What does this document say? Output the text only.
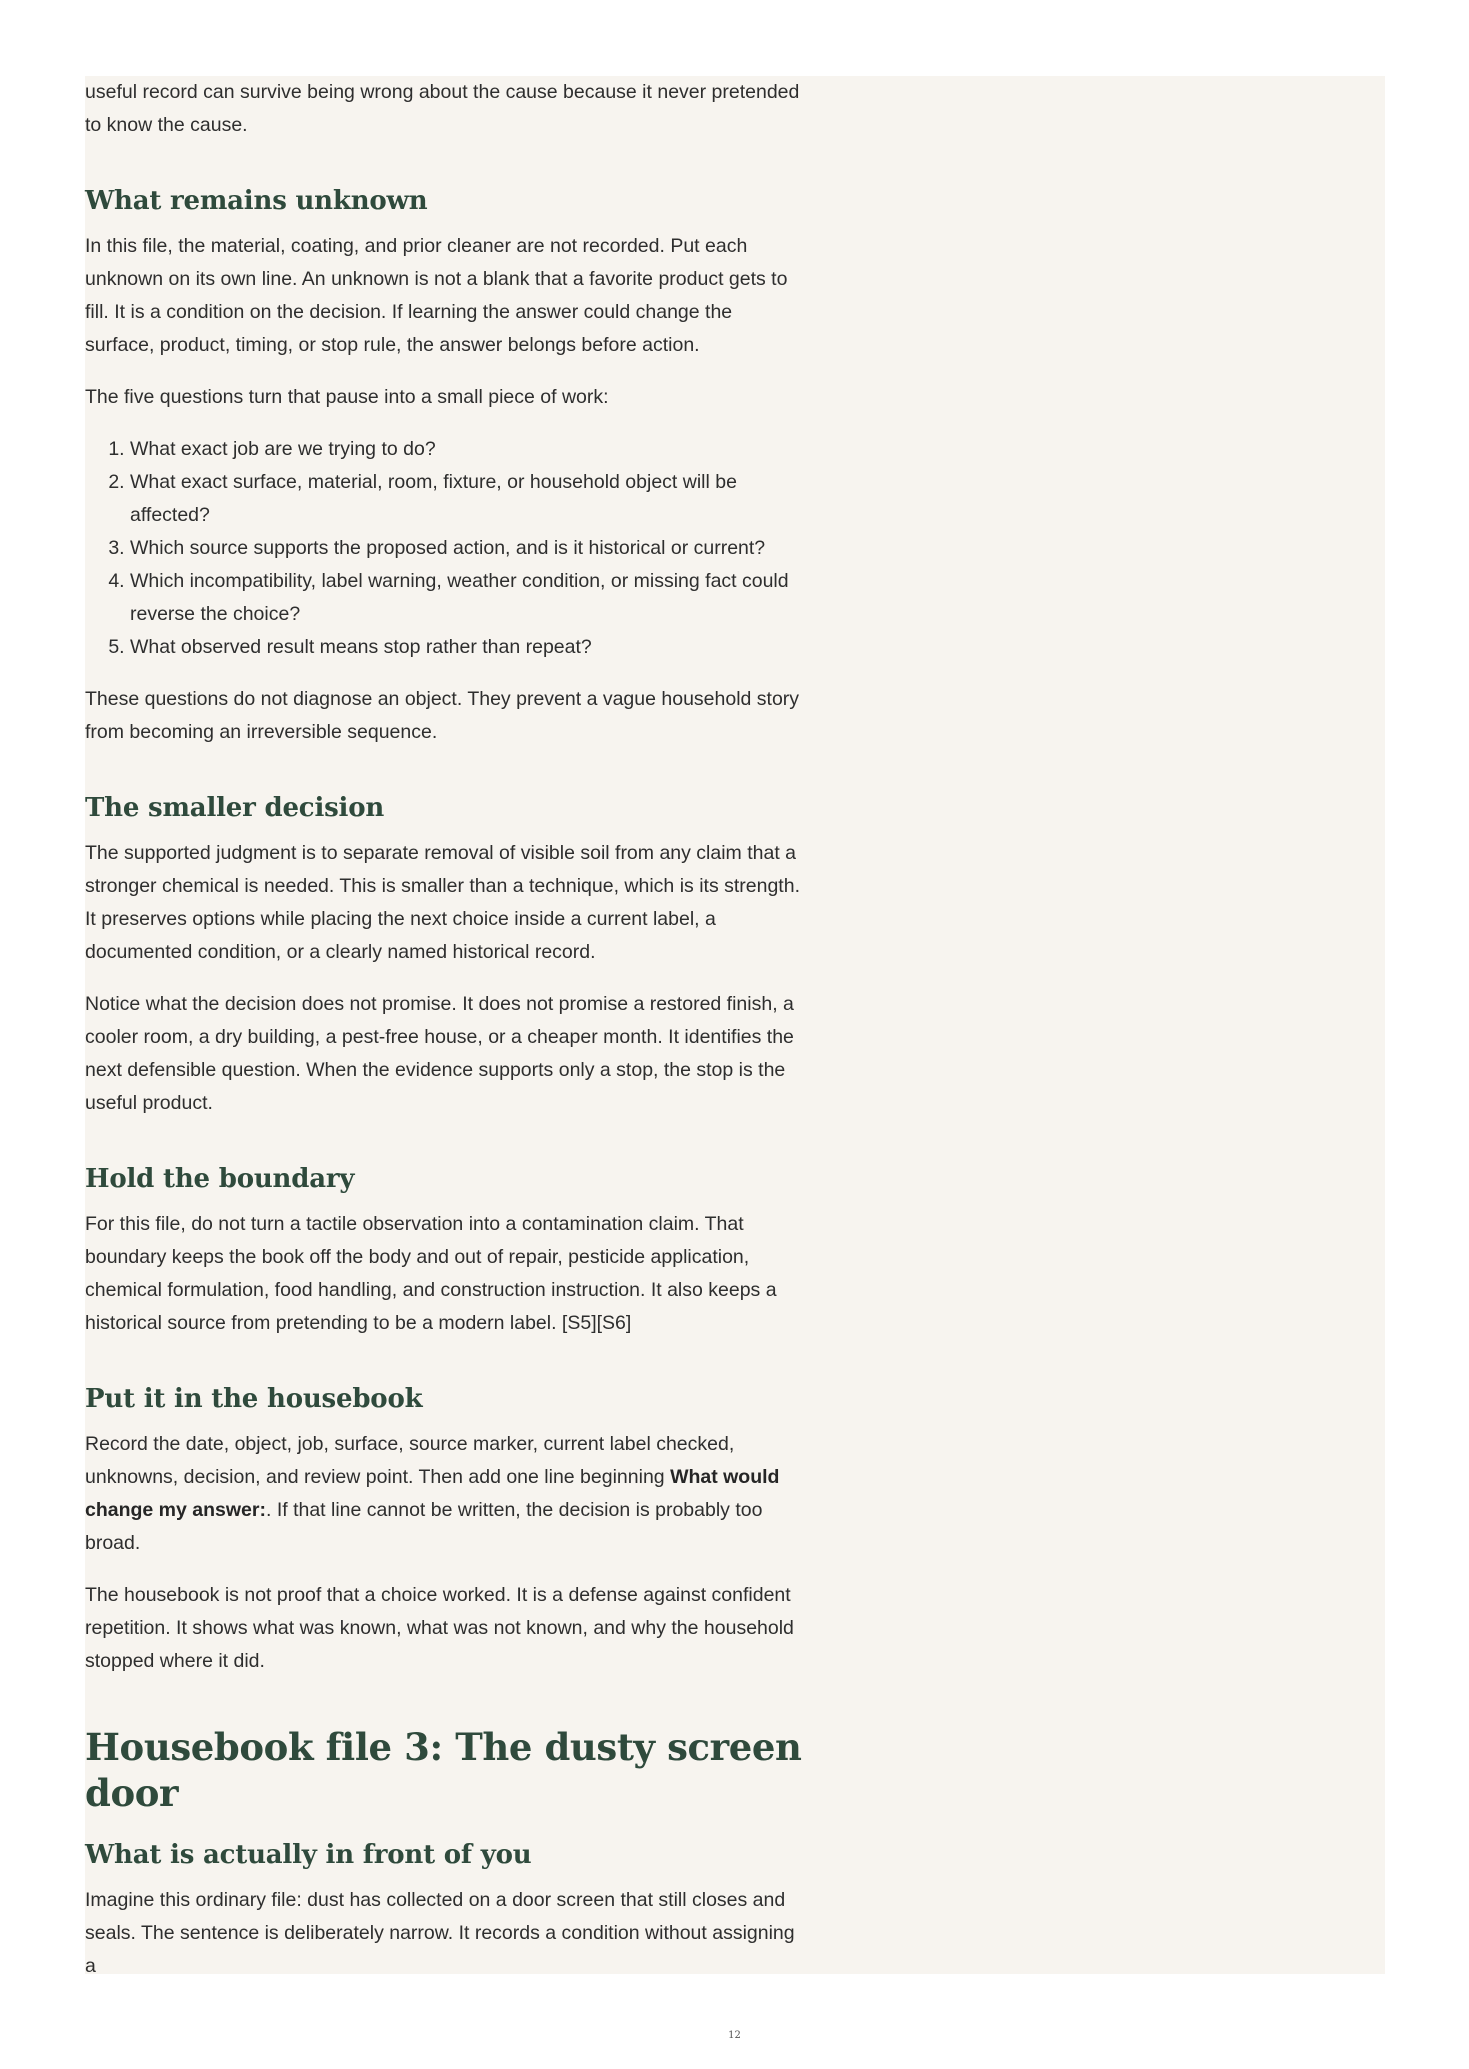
useful record can survive being wrong about the cause because it never pretended to know the cause.

What remains unknown

In this file, the material, coating, and prior cleaner are not recorded. Put each unknown on its own line. An unknown is not a blank that a favorite product gets to fill. It is a condition on the decision. If learning the answer could change the surface, product, timing, or stop rule, the answer belongs before action.

The five questions turn that pause into a small piece of work:

1. What exact job are we trying to do?
2. What exact surface, material, room, fixture, or household object will be affected?
3. Which source supports the proposed action, and is it historical or current?
4. Which incompatibility, label warning, weather condition, or missing fact could reverse the choice?
5. What observed result means stop rather than repeat?

These questions do not diagnose an object. They prevent a vague household story from becoming an irreversible sequence.

The smaller decision

The supported judgment is to separate removal of visible soil from any claim that a stronger chemical is needed. This is smaller than a technique, which is its strength. It preserves options while placing the next choice inside a current label, a documented condition, or a clearly named historical record.

Notice what the decision does not promise. It does not promise a restored finish, a cooler room, a dry building, a pest-free house, or a cheaper month. It identifies the next defensible question. When the evidence supports only a stop, the stop is the useful product.

Hold the boundary

For this file, do not turn a tactile observation into a contamination claim. That boundary keeps the book off the body and out of repair, pesticide application, chemical formulation, food handling, and construction instruction. It also keeps a historical source from pretending to be a modern label. [S5][S6]

Put it in the housebook

Record the date, object, job, surface, source marker, current label checked, unknowns, decision, and review point. Then add one line beginning What would change my answer:. If that line cannot be written, the decision is probably too broad.

The housebook is not proof that a choice worked. It is a defense against confident repetition. It shows what was known, what was not known, and why the household stopped where it did.

Housebook file 3: The dusty screen door
What is actually in front of you

Imagine this ordinary file: dust has collected on a door screen that still closes and seals. The sentence is deliberately narrow. It records a condition without assigning a

12
